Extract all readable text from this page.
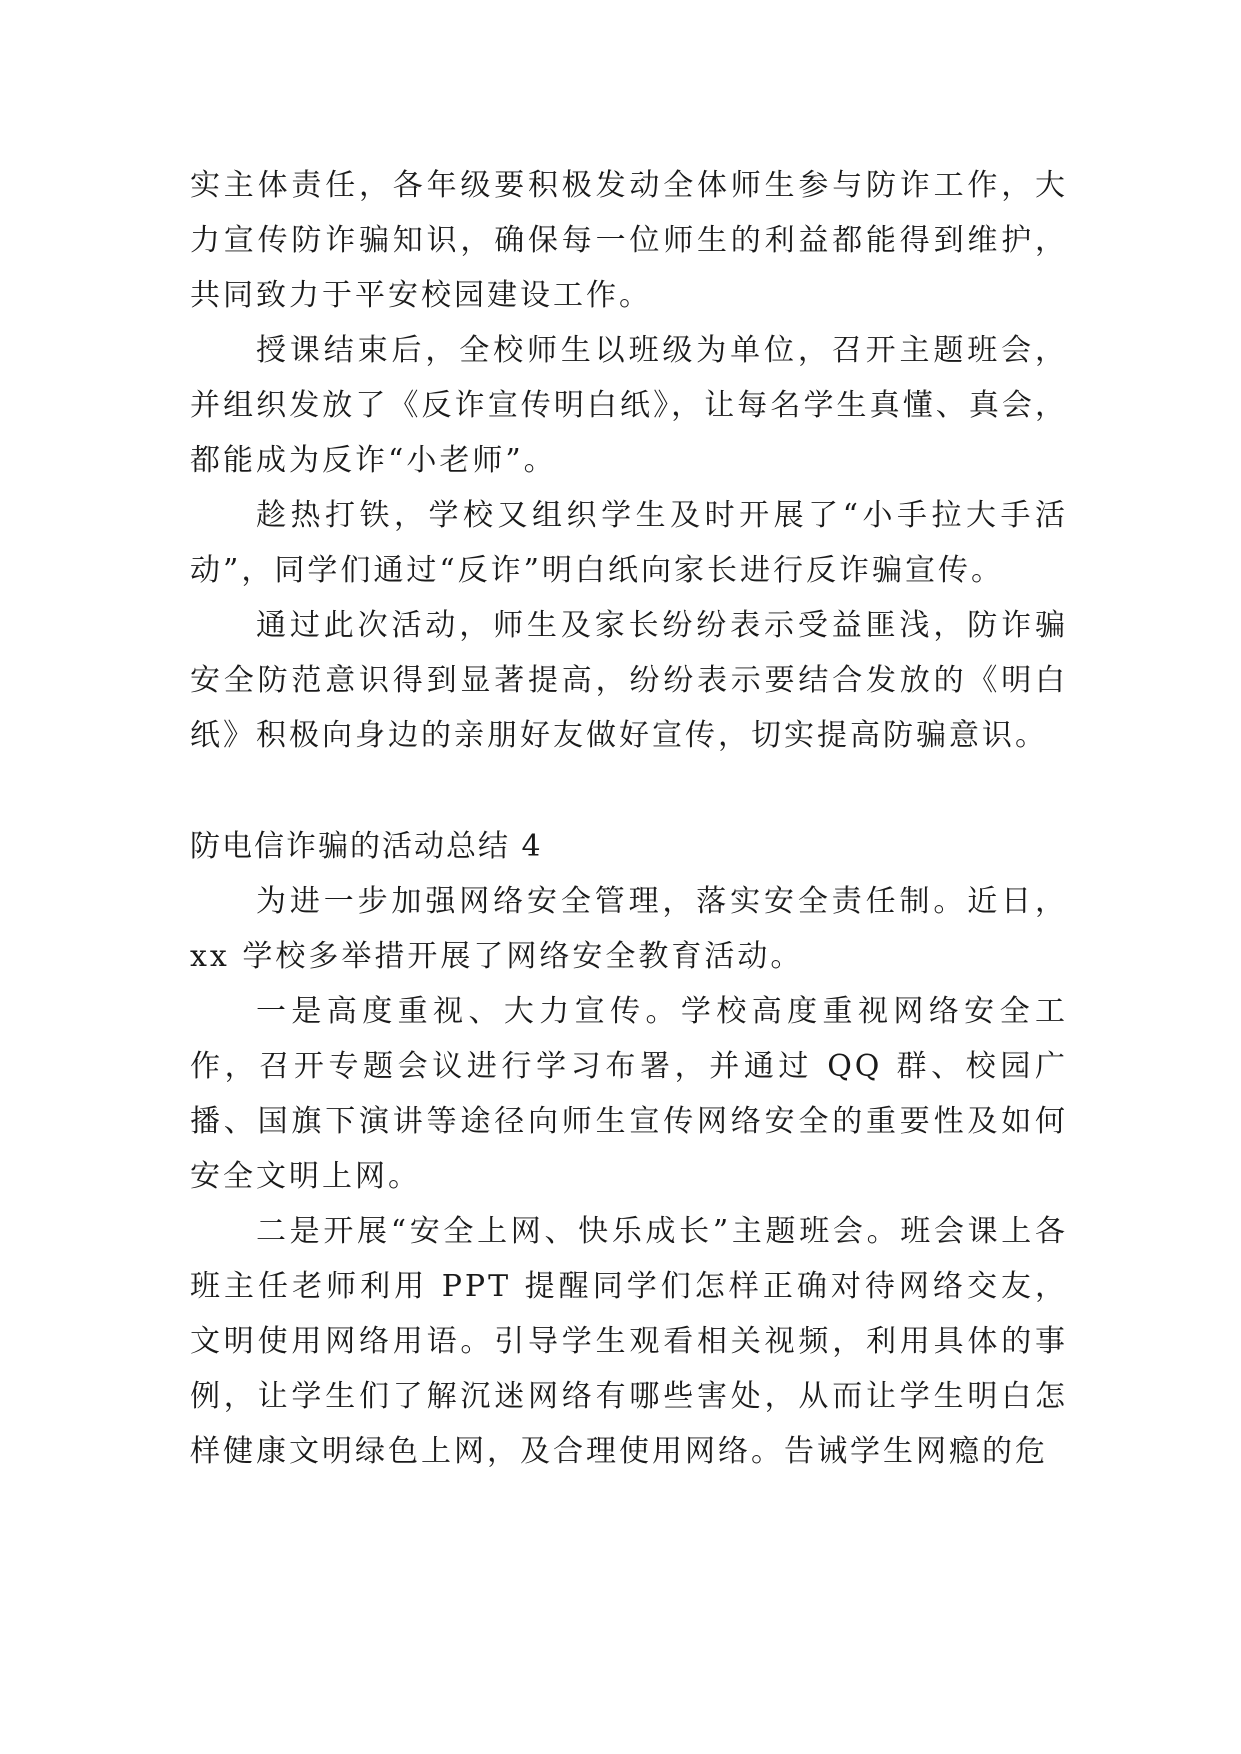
实主体责任，各年级要积极发动全体师生参与防诈工作，大力宣传防诈骗知识，确保每一位师生的利益都能得到维护，共同致力于平安校园建设工作。

授课结束后，全校师生以班级为单位，召开主题班会，并组织发放了《反诈宣传明白纸》，让每名学生真懂、真会，都能成为反诈“小老师”。

趁热打铁，学校又组织学生及时开展了“小手拉大手活动”，同学们通过“反诈”明白纸向家长进行反诈骗宣传。

通过此次活动，师生及家长纷纷表示受益匪浅，防诈骗安全防范意识得到显著提高，纷纷表示要结合发放的《明白纸》积极向身边的亲朋好友做好宣传，切实提高防骗意识。

防电信诈骗的活动总结 4

为进一步加强网络安全管理，落实安全责任制。近日，xx 学校多举措开展了网络安全教育活动。

一是高度重视、大力宣传。学校高度重视网络安全工作，召开专题会议进行学习布署，并通过 QQ 群、校园广播、国旗下演讲等途径向师生宣传网络安全的重要性及如何安全文明上网。

二是开展“安全上网、快乐成长”主题班会。班会课上各班主任老师利用 PPT 提醒同学们怎样正确对待网络交友，文明使用网络用语。引导学生观看相关视频，利用具体的事例，让学生们了解沉迷网络有哪些害处，从而让学生明白怎样健康文明绿色上网，及合理使用网络。告诫学生网瘾的危
